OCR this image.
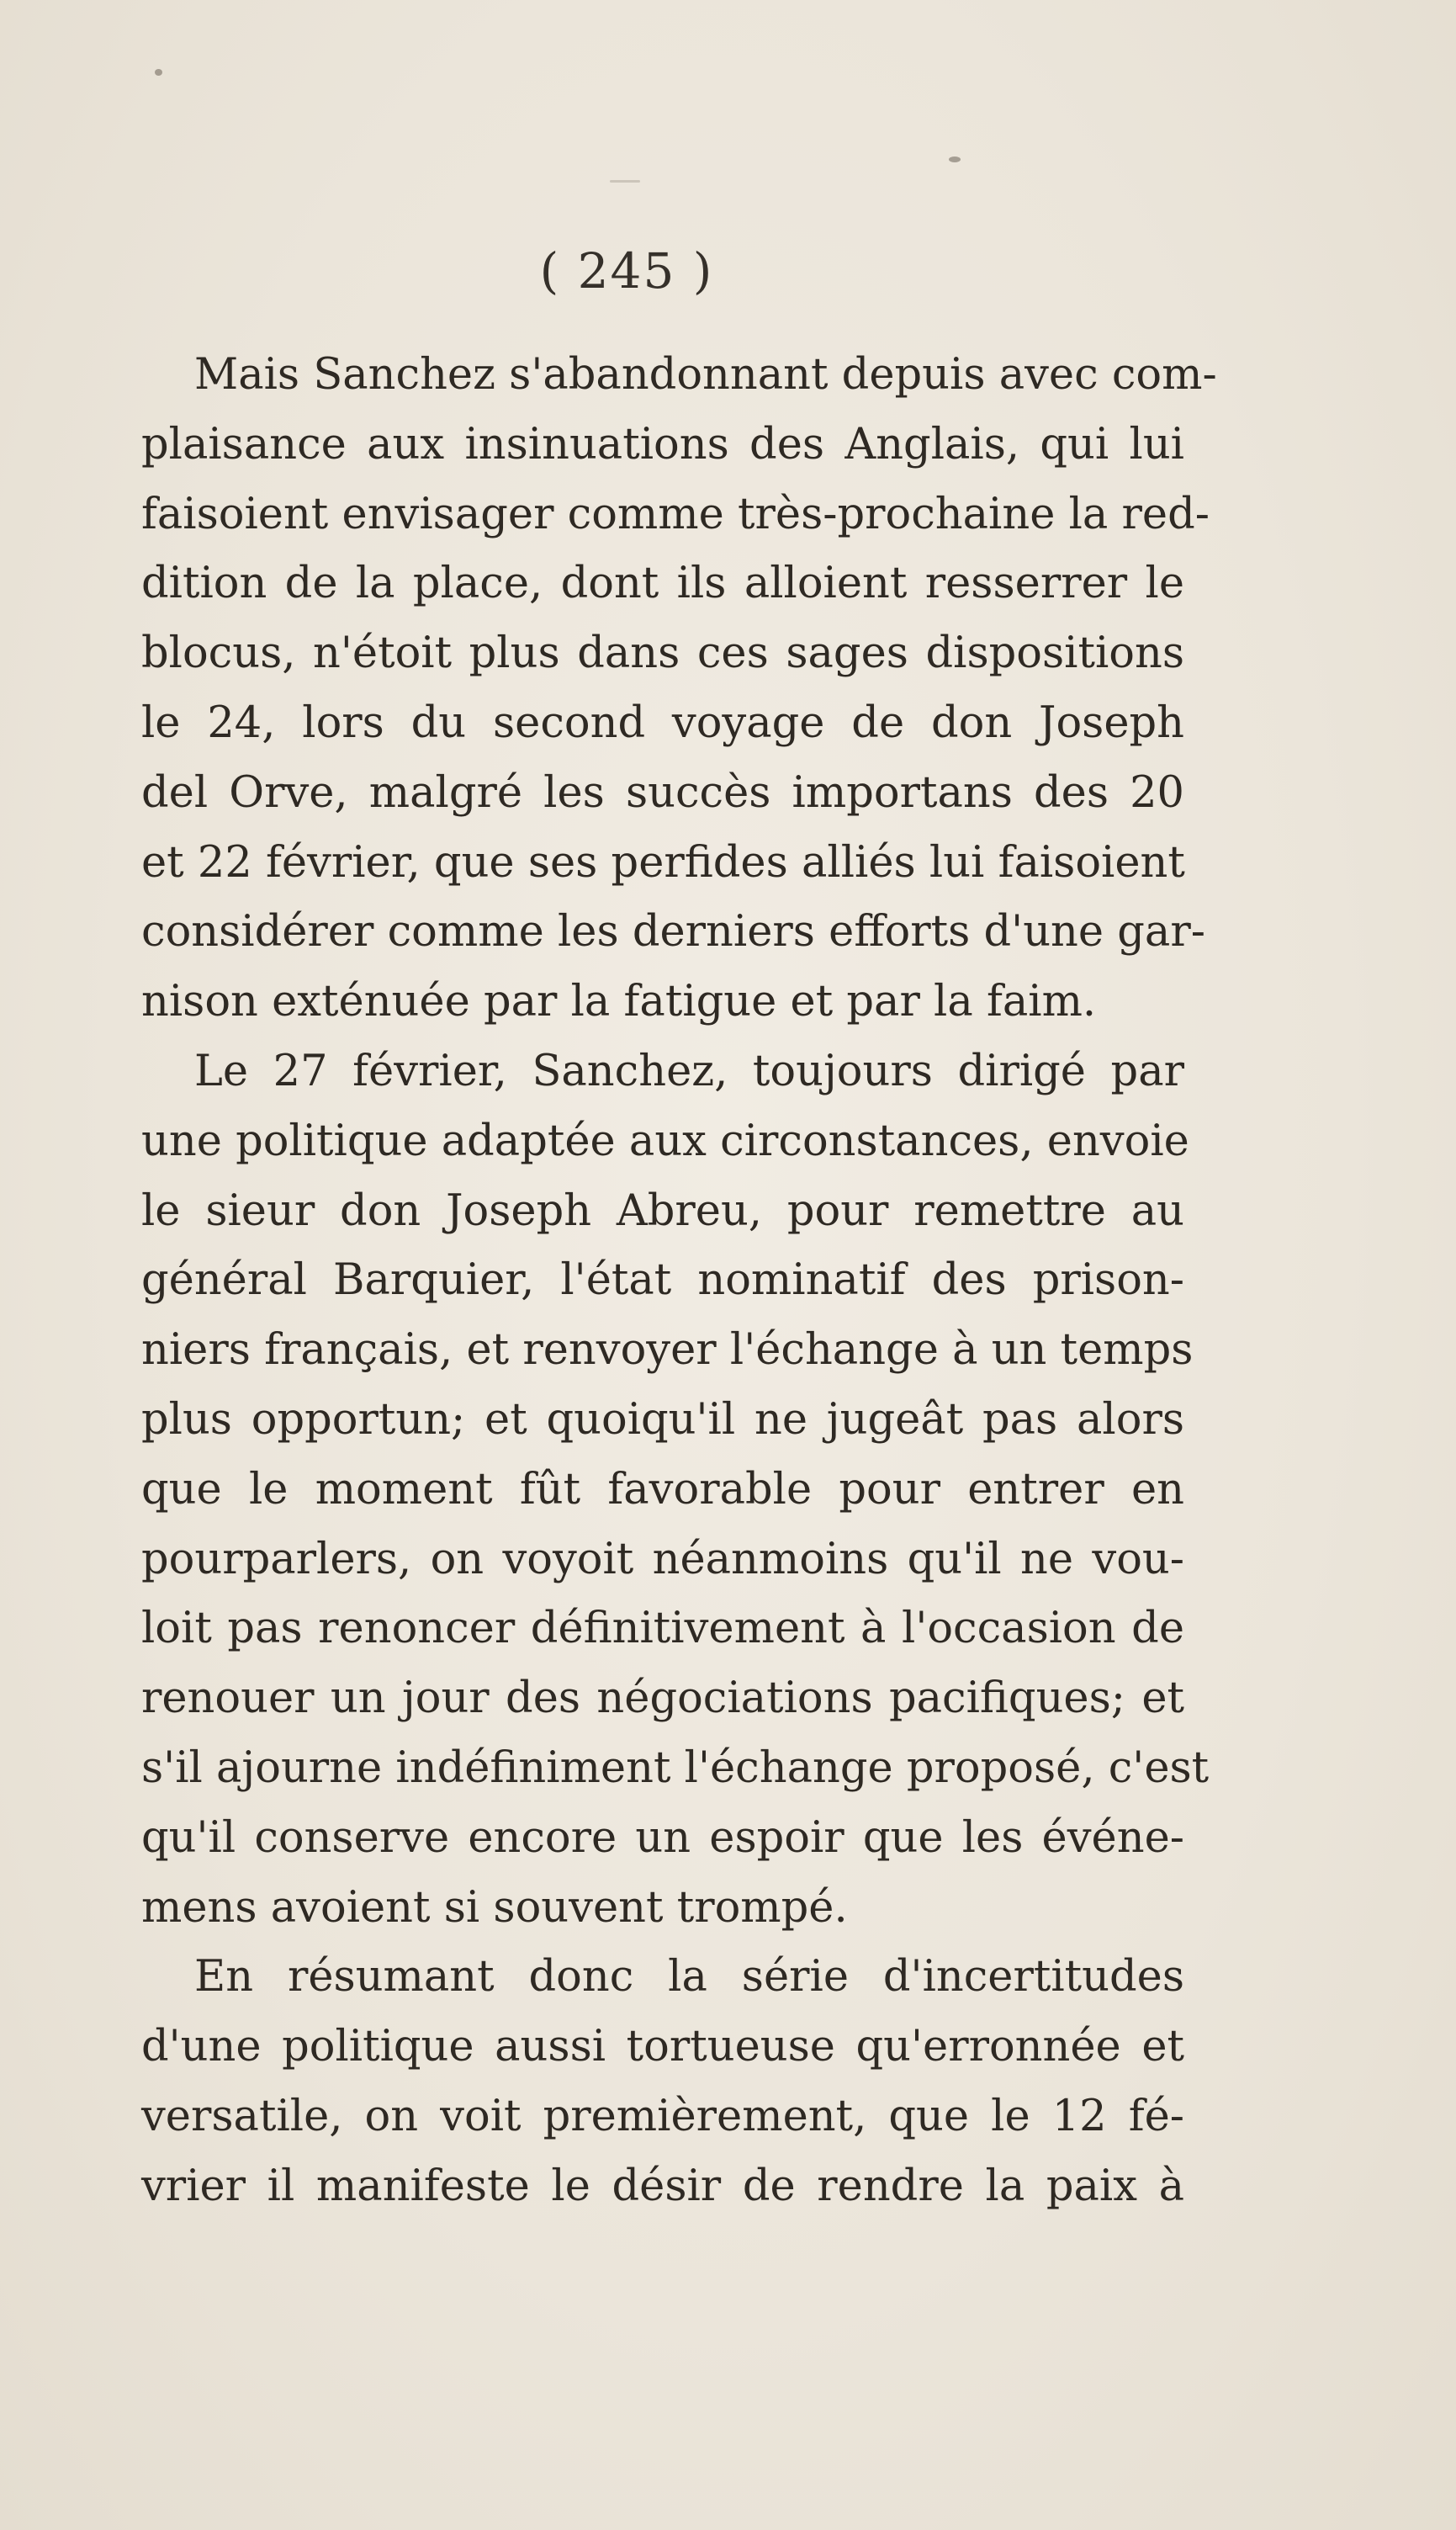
( 245 )
Mais Sanchez s'abandonnant depuis avec com-
plaisance aux insinuations des Anglais, qui lui
faisoient envisager comme très-prochaine la red-
dition de la place, dont ils alloient resserrer le
blocus, n'étoit plus dans ces sages dispositions
le 24, lors du second voyage de don Joseph
del Orve, malgré les succès importans des 20
et 22 février, que ses perfides alliés lui faisoient
considérer comme les derniers efforts d'une gar-
nison exténuée par la fatigue et par la faim.
Le 27 février, Sanchez, toujours dirigé par
une politique adaptée aux circonstances, envoie
le sieur don Joseph Abreu, pour remettre au
général Barquier, l'état nominatif des prison-
niers français, et renvoyer l'échange à un temps
plus opportun; et quoiqu'il ne jugeât pas alors
que le moment fût favorable pour entrer en
pourparlers, on voyoit néanmoins qu'il ne vou-
loit pas renoncer définitivement à l'occasion de
renouer un jour des négociations pacifiques; et
s'il ajourne indéfiniment l'échange proposé, c'est
qu'il conserve encore un espoir que les événe-
mens avoient si souvent trompé.
En résumant donc la série d'incertitudes
d'une politique aussi tortueuse qu'erronnée et
versatile, on voit premièrement, que le 12 fé-
vrier il manifeste le désir de rendre la paix à
